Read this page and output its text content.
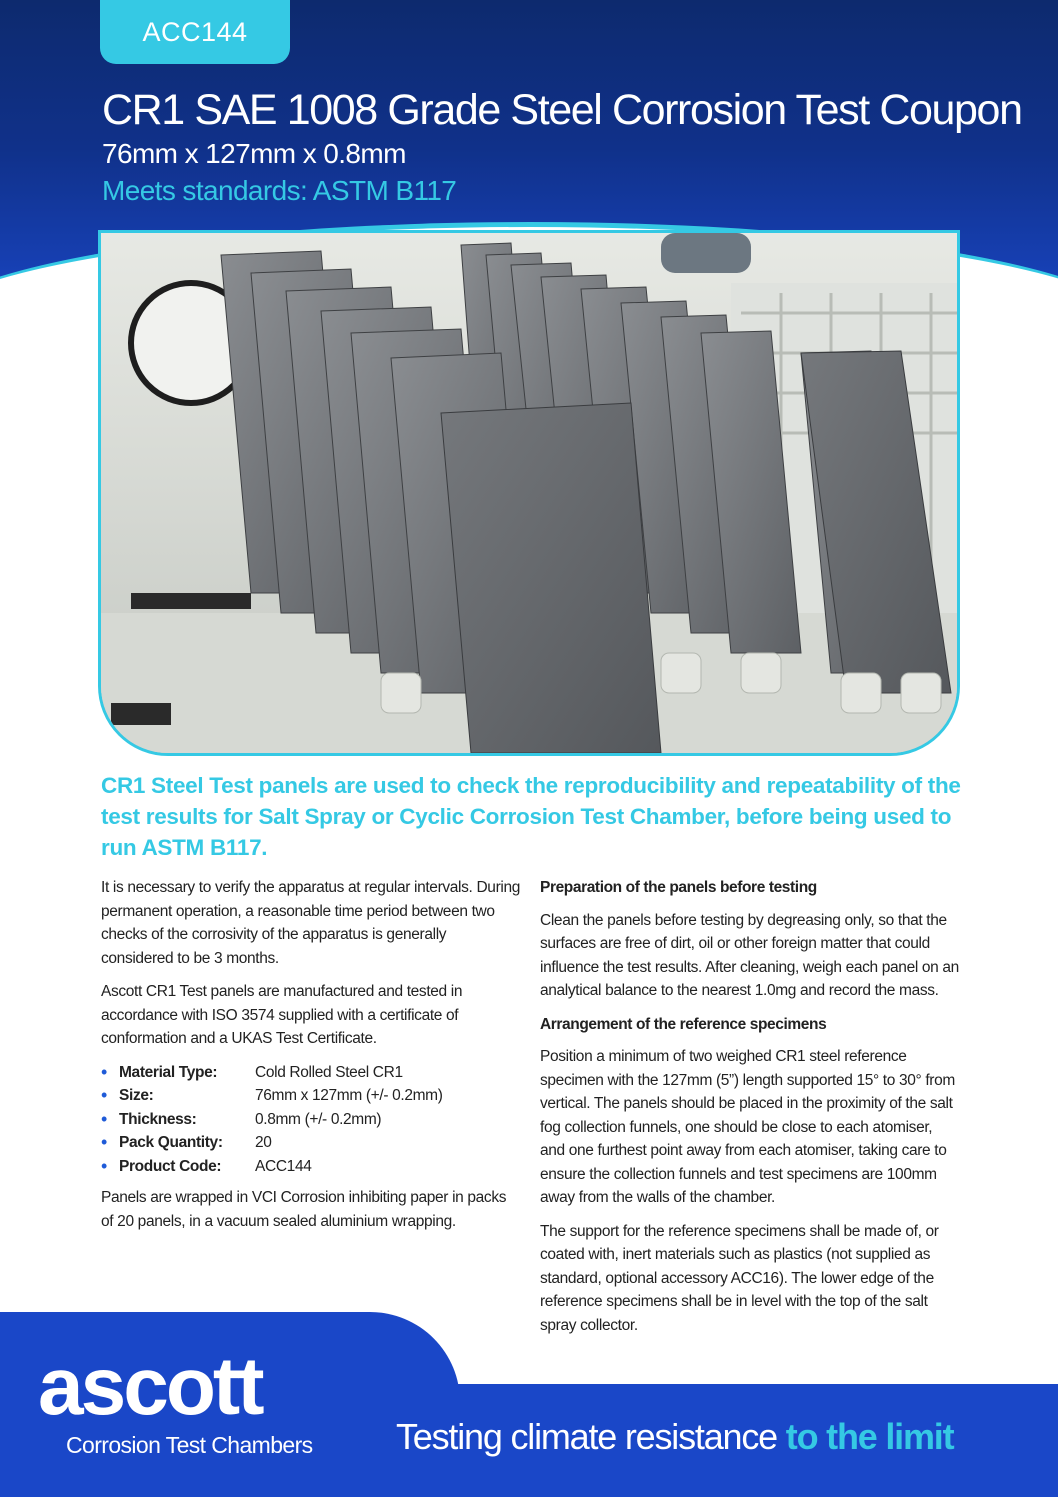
ACC144
CR1 SAE 1008 Grade Steel Corrosion Test Coupon
76mm x 127mm x 0.8mm
Meets standards: ASTM B117
CR1 Steel Test panels are used to check the reproducibility and repeatability of the test results for Salt Spray or Cyclic Corrosion Test Chamber, before being used to run ASTM B117.

It is necessary to verify the apparatus at regular intervals. During permanent operation, a reasonable time period between two checks of the corrosivity of the apparatus is generally considered to be 3 months.

Ascott CR1 Test panels are manufactured and tested in accordance with ISO 3574 supplied with a certificate of conformation and a UKAS Test Certificate.

• Material Type:	Cold Rolled Steel CR1
• Size:	76mm x 127mm (+/- 0.2mm)
• Thickness:	0.8mm (+/- 0.2mm)
• Pack Quantity:	20
• Product Code:	ACC144

Panels are wrapped in VCI Corrosion inhibiting paper in packs of 20 panels, in a vacuum sealed aluminium wrapping.

Preparation of the panels before testing

Clean the panels before testing by degreasing only, so that the surfaces are free of dirt, oil or other foreign matter that could influence the test results. After cleaning, weigh each panel on an analytical balance to the nearest 1.0mg and record the mass.

Arrangement of the reference specimens

Position a minimum of two weighed CR1 steel reference specimen with the 127mm (5”) length supported 15° to 30° from vertical. The panels should be placed in the proximity of the salt fog collection funnels, one should be close to each atomiser, and one furthest point away from each atomiser, taking care to ensure the collection funnels and test specimens are 100mm away from the walls of the chamber.

The support for the reference specimens shall be made of, or coated with, inert materials such as plastics (not supplied as standard, optional accessory ACC16). The lower edge of the reference specimens shall be in level with the top of the salt spray collector.

ascott
Corrosion Test Chambers Testing climate resistance to the limit
